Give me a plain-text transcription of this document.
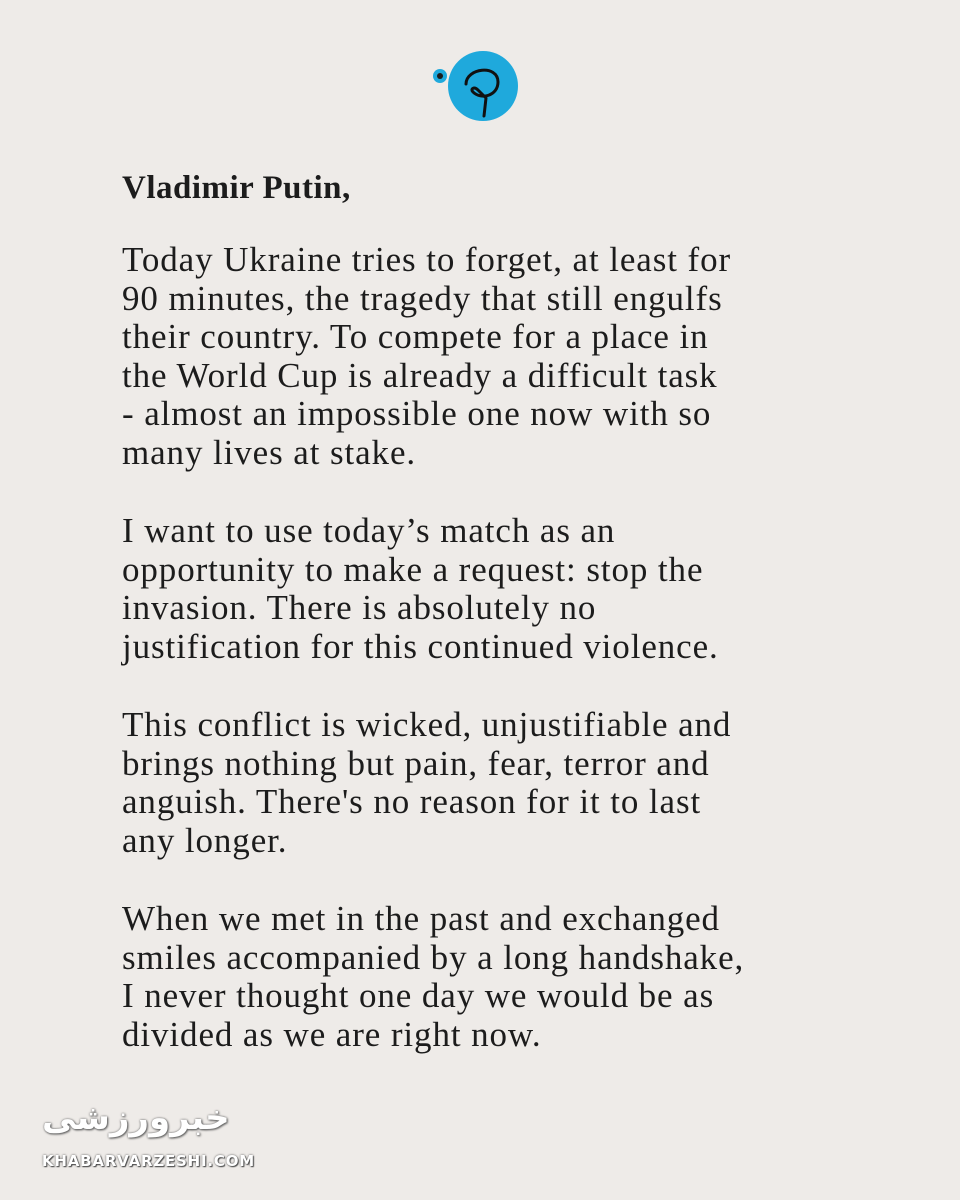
Vladimir Putin,
Today Ukraine tries to forget, at least for
90 minutes, the tragedy that still engulfs
their country. To compete for a place in
the World Cup is already a difficult task
- almost an impossible one now with so
many lives at stake.
I want to use today’s match as an
opportunity to make a request: stop the
invasion. There is absolutely no
justification for this continued violence.
This conflict is wicked, unjustifiable and
brings nothing but pain, fear, terror and
anguish. There's no reason for it to last
any longer.
When we met in the past and exchanged
smiles accompanied by a long handshake,
I never thought one day we would be as
divided as we are right now.
خبرورزشی
KHABARVARZESHI.COM
